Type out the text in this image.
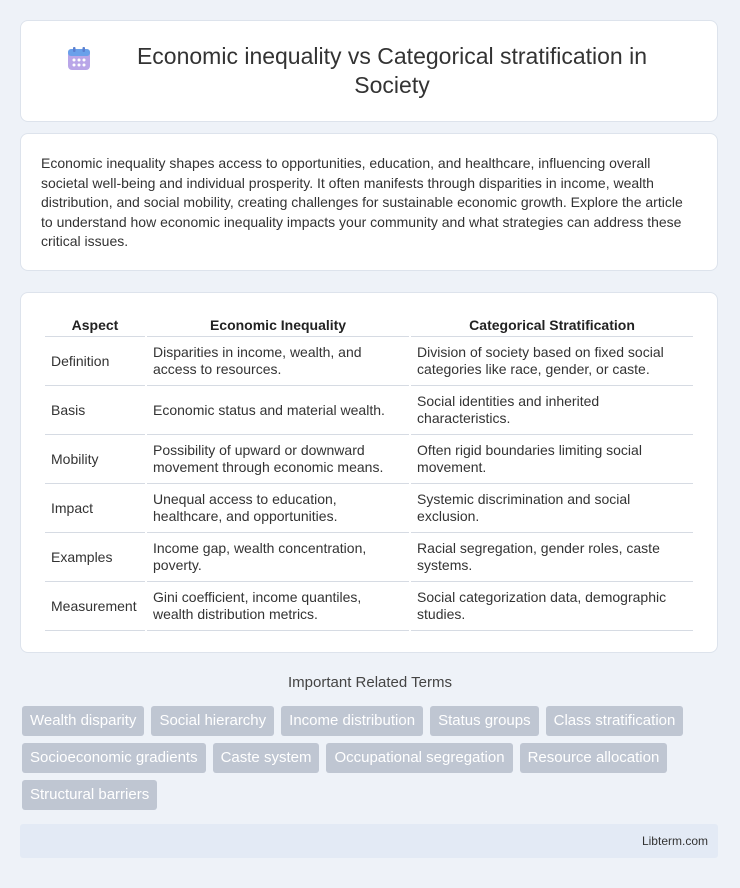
Economic inequality vs Categorical stratification in Society

Economic inequality shapes access to opportunities, education, and healthcare, influencing overall societal well-being and individual prosperity. It often manifests through disparities in income, wealth distribution, and social mobility, creating challenges for sustainable economic growth. Explore the article to understand how economic inequality impacts your community and what strategies can address these critical issues.

Aspect	Economic Inequality	Categorical Stratification
Definition	Disparities in income, wealth, and access to resources.	Division of society based on fixed social categories like race, gender, or caste.
Basis	Economic status and material wealth.	Social identities and inherited characteristics.
Mobility	Possibility of upward or downward movement through economic means.	Often rigid boundaries limiting social movement.
Impact	Unequal access to education, healthcare, and opportunities.	Systemic discrimination and social exclusion.
Examples	Income gap, wealth concentration, poverty.	Racial segregation, gender roles, caste systems.
Measurement	Gini coefficient, income quantiles, wealth distribution metrics.	Social categorization data, demographic studies.
Important Related Terms
Wealth disparity	Social hierarchy	Income distribution	Status groups	Class stratification
Socioeconomic gradients	Caste system	Occupational segregation	Resource allocation
Structural barriers
Libterm.com
